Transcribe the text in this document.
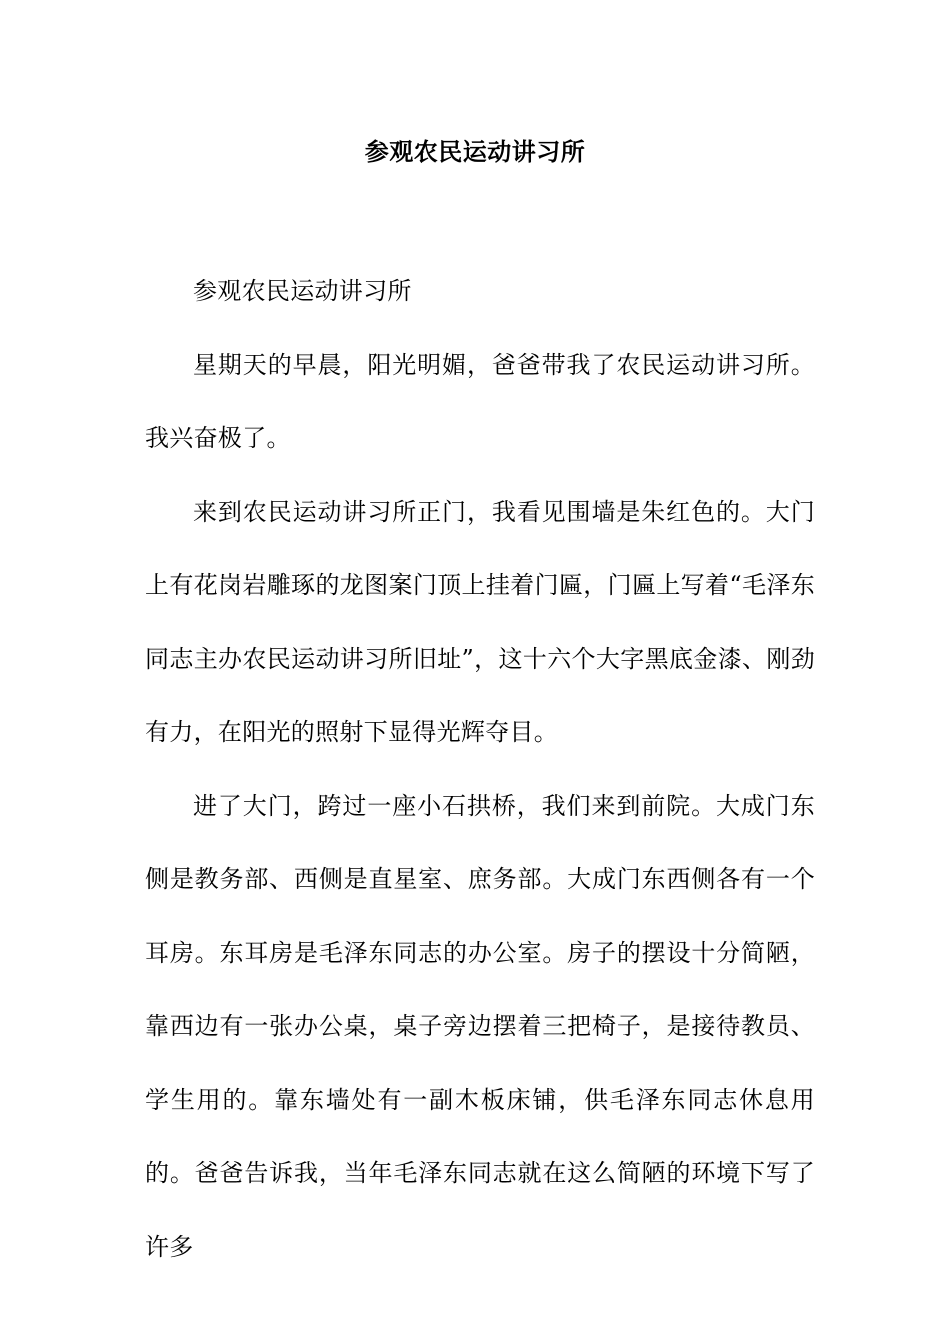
参观农民运动讲习所

参观农民运动讲习所

星期天的早晨，阳光明媚，爸爸带我了农民运动讲习所。我兴奋极了。

来到农民运动讲习所正门，我看见围墙是朱红色的。大门上有花岗岩雕琢的龙图案门顶上挂着门匾，门匾上写着“毛泽东同志主办农民运动讲习所旧址”，这十六个大字黑底金漆、刚劲有力，在阳光的照射下显得光辉夺目。

进了大门，跨过一座小石拱桥，我们来到前院。大成门东侧是教务部、西侧是直星室、庶务部。大成门东西侧各有一个耳房。东耳房是毛泽东同志的办公室。房子的摆设十分简陋，靠西边有一张办公桌，桌子旁边摆着三把椅子，是接待教员、学生用的。靠东墙处有一副木板床铺，供毛泽东同志休息用的。爸爸告诉我，当年毛泽东同志就在这么简陋的环境下写了许多
